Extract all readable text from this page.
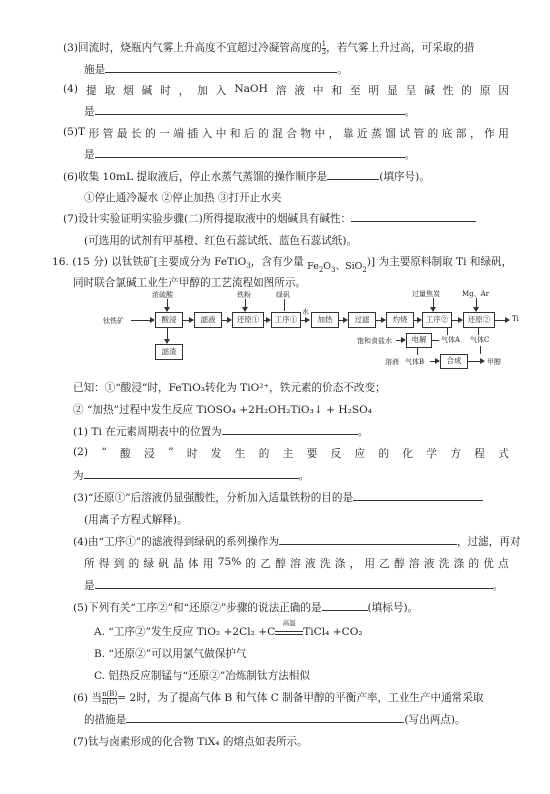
(3)回流时，烧瓶内气雾上升高度不宜超过冷凝管高度的 $\frac{1}{3}$ ，若气雾上升过高，可采取的措
施是	。
(4) 提 取 烟 碱 时 ， 加 入 NaOH 溶 液 中 和 至 明 显 呈 碱 性 的 原 因
是	。
(5)T 形 管 最 长 的 一 端 插 入 中 和 后 的 混 合 物 中 ， 靠 近 蒸 馏 试 管 的 底 部 ， 作 用
是	。
(6)收集 10mL 提取液后，停止水蒸气蒸馏的操作顺序是	(填序号)。
①停止通冷凝水 ②停止加热 ③打开止水夹
(7)设计实验证明实验步骤(二)所得提取液中的烟碱具有碱性：
(可选用的试剂有甲基橙、红色石蕊试纸、蓝色石蕊试纸)。
16. (15 分) 以钛铁矿[主要成分为 FeTiO$_3$，含有少量 $Fe_2O_3$、SiO$_2$)] 为主要原料制取 Ti 和绿矾，
同时联合氯碱工业生产甲醇的工艺流程如图所示。
钛铁矿
浓硫酸
酸浸
滤渣
滤液
铁粉
还原①	工序①
绿矾
水
加热	过滤	灼烧
过量焦炭
工序②
Mg、Ar
还原②	Ti
饱和食盐水	电解	气体A 气体C
溶液 气体B	合成	甲醇
已知：①“酸浸”时，FeTiO₃转化为 TiO²⁺，铁元素的价态不改变；
② “加热”过程中发生反应 TiOSO₄ +2H₂OH₂TiO₃↓ + H₂SO₄
(1) Ti 在元素周期表中的位置为	。
(2) “ 酸 浸 ” 时 发 生 的 主 要 反 应 的 化 学 方 程 式
为	。
(3)“还原①”后溶液仍显强酸性，分析加入适量铁粉的目的是
(用离子方程式解释)。
(4)由“工序①”的滤液得到绿矾的系列操作为	，过滤，再对
所 得 到 的 绿 矾 晶 体 用 75% 的 乙 醇 溶 液 洗 涤 ， 用 乙 醇 溶 液 洗 涤 的 优 点
是	。
(5)下列有关“工序②”和“还原②”步骤的说法正确的是	(填标号)。
A. “工序②”发生反应 TiO₂ +2Cl₂ +C
高温
TiCl₄ +CO₂
B. “还原②”可以用氯气做保护气
C. 铝热反应制锰与“还原②”冶炼制钛方法相似
(6) 当 $\frac{n(B)}{n(C)} = 2$时，为了提高气体 B 和气体 C 制备甲醇的平衡产率，工业生产中通常采取
的措施是	(写出两点)。
(7)钛与卤素形成的化合物 TiX₄ 的熔点如表所示。
